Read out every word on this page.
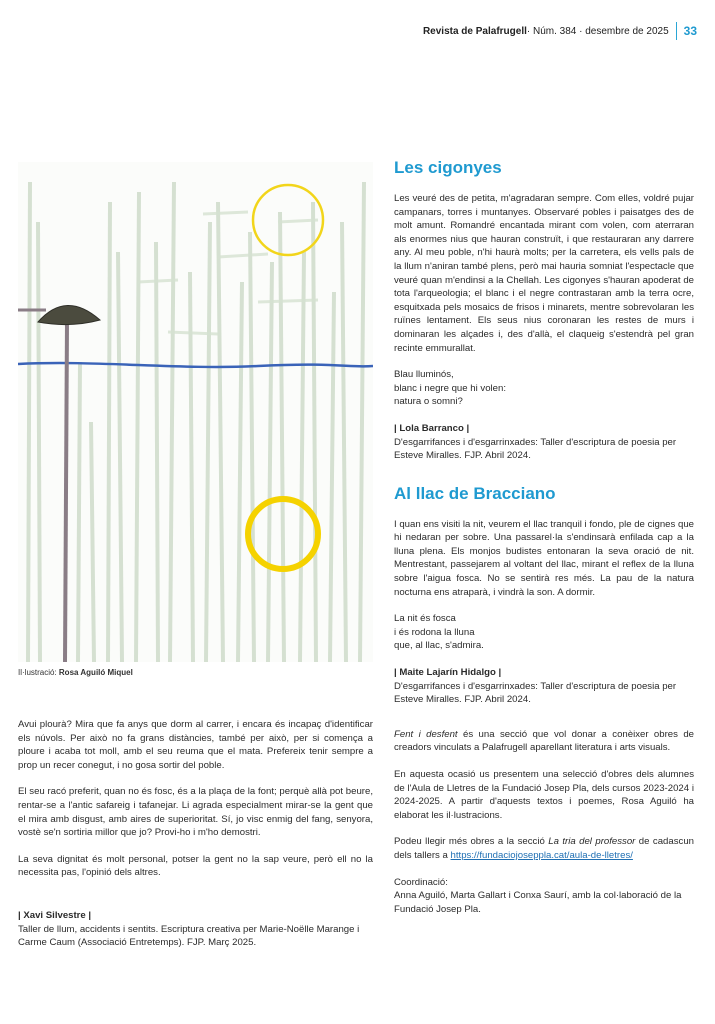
Revista de Palafrugell · Núm. 384 · desembre de 2025 33
Il·lustració: Rosa Aguiló Miquel
Les cigonyes

Les veuré des de petita, m'agradaran sempre. Com elles, voldré pujar campanars, torres i muntanyes. Observaré pobles i paisatges des de molt amunt. Romandré encantada mirant com volen, com aterraran als enormes nius que hauran construït, i que restauraran any darrere any. Al meu poble, n'hi haurà molts; per la carretera, els vells pals de la llum n'aniran també plens, però mai hauria somniat l'espectacle que veuré quan m'endinsi a la Chellah. Les cigonyes s'hauran apoderat de tota l'arqueologia; el blanc i el negre contrastaran amb la terra ocre, esquitxada pels mosaics de frisos i minarets, mentre sobrevolaran les ruïnes lentament. Els seus nius coronaran les restes de murs i dominaran les alçades i, des d'allà, el claqueig s'estendrà pel gran recinte emmurallat.

Blau lluminós,
blanc i negre que hi volen:
natura o somni?

| Lola Barranco |

D'esgarrifances i d'esgarrinxades: Taller d'escriptura de poesia per Esteve Miralles. FJP. Abril 2024.

Al llac de Bracciano

I quan ens visiti la nit, veurem el llac tranquil i fondo, ple de cignes que hi nedaran per sobre. Una passarel·la s'endinsarà enfilada cap a la lluna plena. Els monjos budistes entonaran la seva oració de nit. Mentrestant, passejarem al voltant del llac, mirant el reflex de la lluna sobre l'aigua fosca. No se sentirà res més. La pau de la natura nocturna ens atraparà, i vindrà la son. A dormir.

La nit és fosca
i és rodona la lluna
que, al llac, s'admira.

| Maite Lajarín Hidalgo |

D'esgarrifances i d'esgarrinxades: Taller d'escriptura de poesia per Esteve Miralles. FJP. Abril 2024.

Fent i desfent és una secció que vol donar a conèixer obres de creadors vinculats a Palafrugell aparellant literatura i arts visuals.

En aquesta ocasió us presentem una selecció d'obres dels alumnes de l'Aula de Lletres de la Fundació Josep Pla, dels cursos 2023-2024 i 2024-2025. A partir d'aquests textos i poemes, Rosa Aguiló ha elaborat les il·lustracions.

Podeu llegir més obres a la secció La tria del professor de cadascun dels tallers a https://fundaciojoseppla.cat/aula-de-lletres/

Coordinació:
Anna Aguiló, Marta Gallart i Conxa Saurí, amb la col·laboració de la Fundació Josep Pla.

Avui plourà? Mira que fa anys que dorm al carrer, i encara és incapaç d'identificar els núvols. Per això no fa grans distàncies, també per això, per si comença a ploure i acaba tot moll, amb el seu reuma que el mata. Prefereix tenir sempre a prop un recer conegut, i no gosa sortir del poble.

El seu racó preferit, quan no és fosc, és a la plaça de la font; perquè allà pot beure, rentar-se a l'antic safareig i tafanejar. Li agrada especialment mirar-se la gent que el mira amb disgust, amb aires de superioritat. Sí, jo visc enmig del fang, senyora, vostè se'n sortiria millor que jo? Provi-ho i m'ho demostri.

La seva dignitat és molt personal, potser la gent no la sap veure, però ell no la necessita pas, l'opinió dels altres.

| Xavi Silvestre |

Taller de llum, accidents i sentits. Escriptura creativa per Marie-Noëlle Marange i Carme Caum (Associació Entretemps). FJP. Març 2025.
